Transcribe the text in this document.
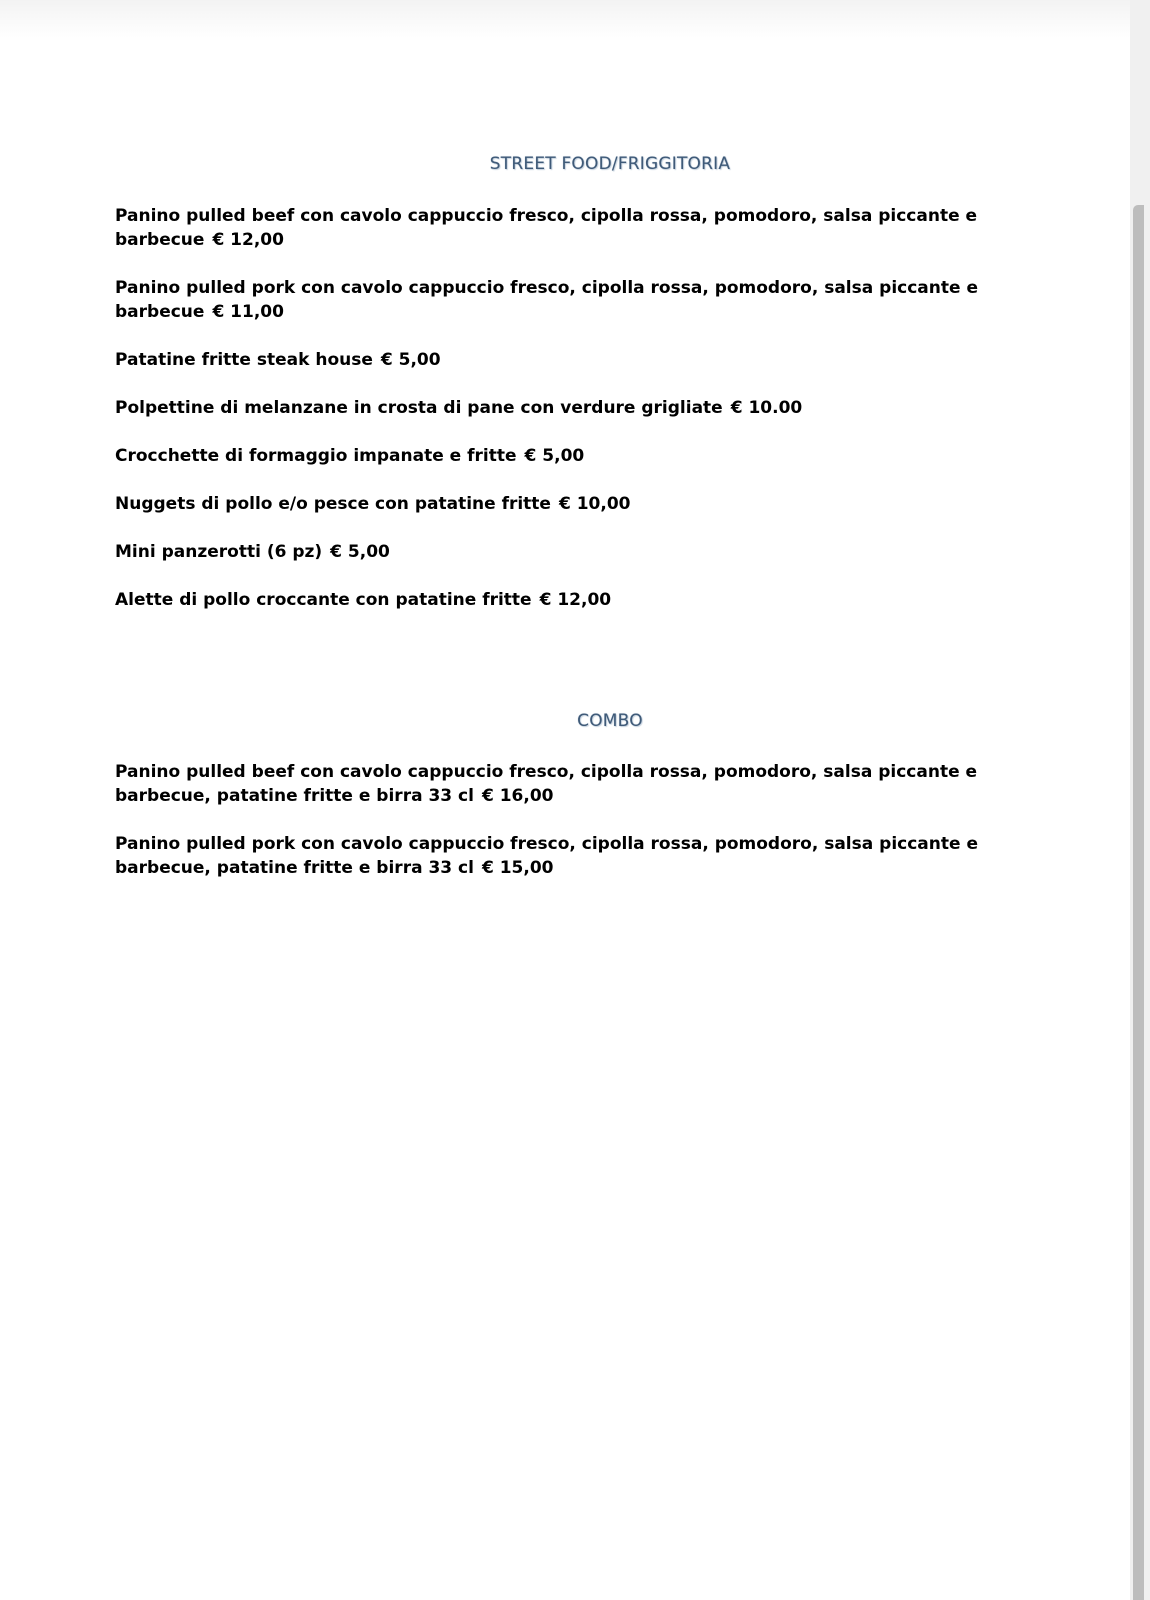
STREET FOOD/FRIGGITORIA
Panino pulled beef con cavolo cappuccio fresco, cipolla rossa, pomodoro, salsa piccante e barbecue € 12,00
Panino pulled pork con cavolo cappuccio fresco, cipolla rossa, pomodoro, salsa piccante e barbecue € 11,00
Patatine fritte steak house € 5,00
Polpettine di melanzane in crosta di pane con verdure grigliate € 10.00
Crocchette di formaggio impanate e fritte € 5,00
Nuggets di pollo e/o pesce con patatine fritte € 10,00
Mini panzerotti (6 pz) € 5,00
Alette di pollo croccante con patatine fritte € 12,00
COMBO
Panino pulled beef con cavolo cappuccio fresco, cipolla rossa, pomodoro, salsa piccante e barbecue, patatine fritte e birra 33 cl € 16,00
Panino pulled pork con cavolo cappuccio fresco, cipolla rossa, pomodoro, salsa piccante e barbecue, patatine fritte e birra 33 cl € 15,00
